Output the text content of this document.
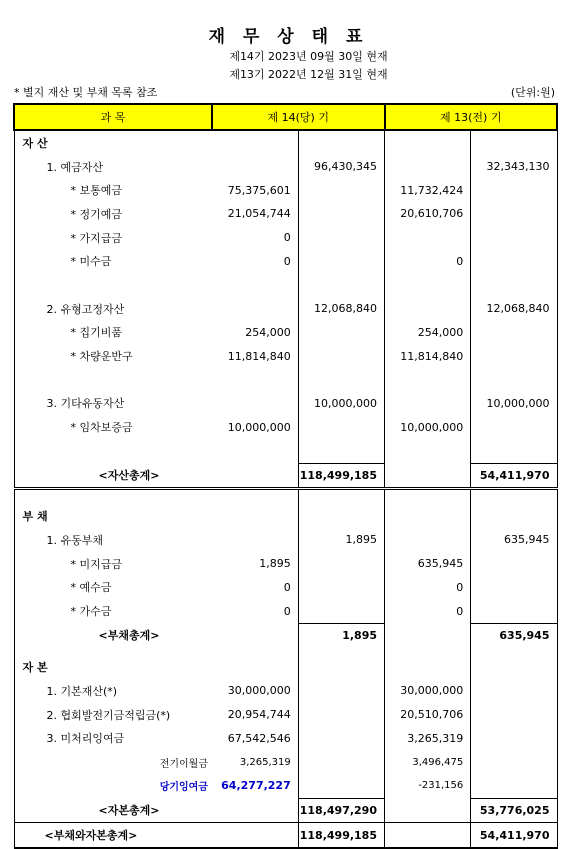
재 무 상 태 표
제14기 2023년 09월 30일 현재
제13기 2022년 12월 31일 현재
* 별지 재산 및 부채 목록 참조	(단위:원)
과 목	제 14(당) 기		제 13(전) 기	
자 산				
1. 예금자산		96,430,345		32,343,130
* 보통예금	75,375,601		11,732,424	
* 정기예금	21,054,744		20,610,706	
* 가지급금	0			
* 미수금	0		0	

2. 유형고정자산		12,068,840		12,068,840
* 집기비품	254,000		254,000	
* 차량운반구	11,814,840		11,814,840	

3. 기타유동자산		10,000,000		10,000,000
* 임차보증금	10,000,000		10,000,000	

<자산총계>		118,499,185		54,411,970
부 채				
1. 유동부채		1,895		635,945
* 미지급금	1,895		635,945	
* 예수금	0		0	
* 가수금	0		0	
<부채총계>		1,895		635,945
자 본				
1. 기본재산(*)	30,000,000		30,000,000	
2. 협회발전기금적립금(*)	20,954,744		20,510,706	
3. 미처리잉여금	67,542,546		3,265,319	
전기이월금	3,265,319		3,496,475	
당기잉여금	64,277,227		-231,156	
<자본총계>		118,497,290		53,776,025
<부채와자본총계>		118,499,185		54,411,970
